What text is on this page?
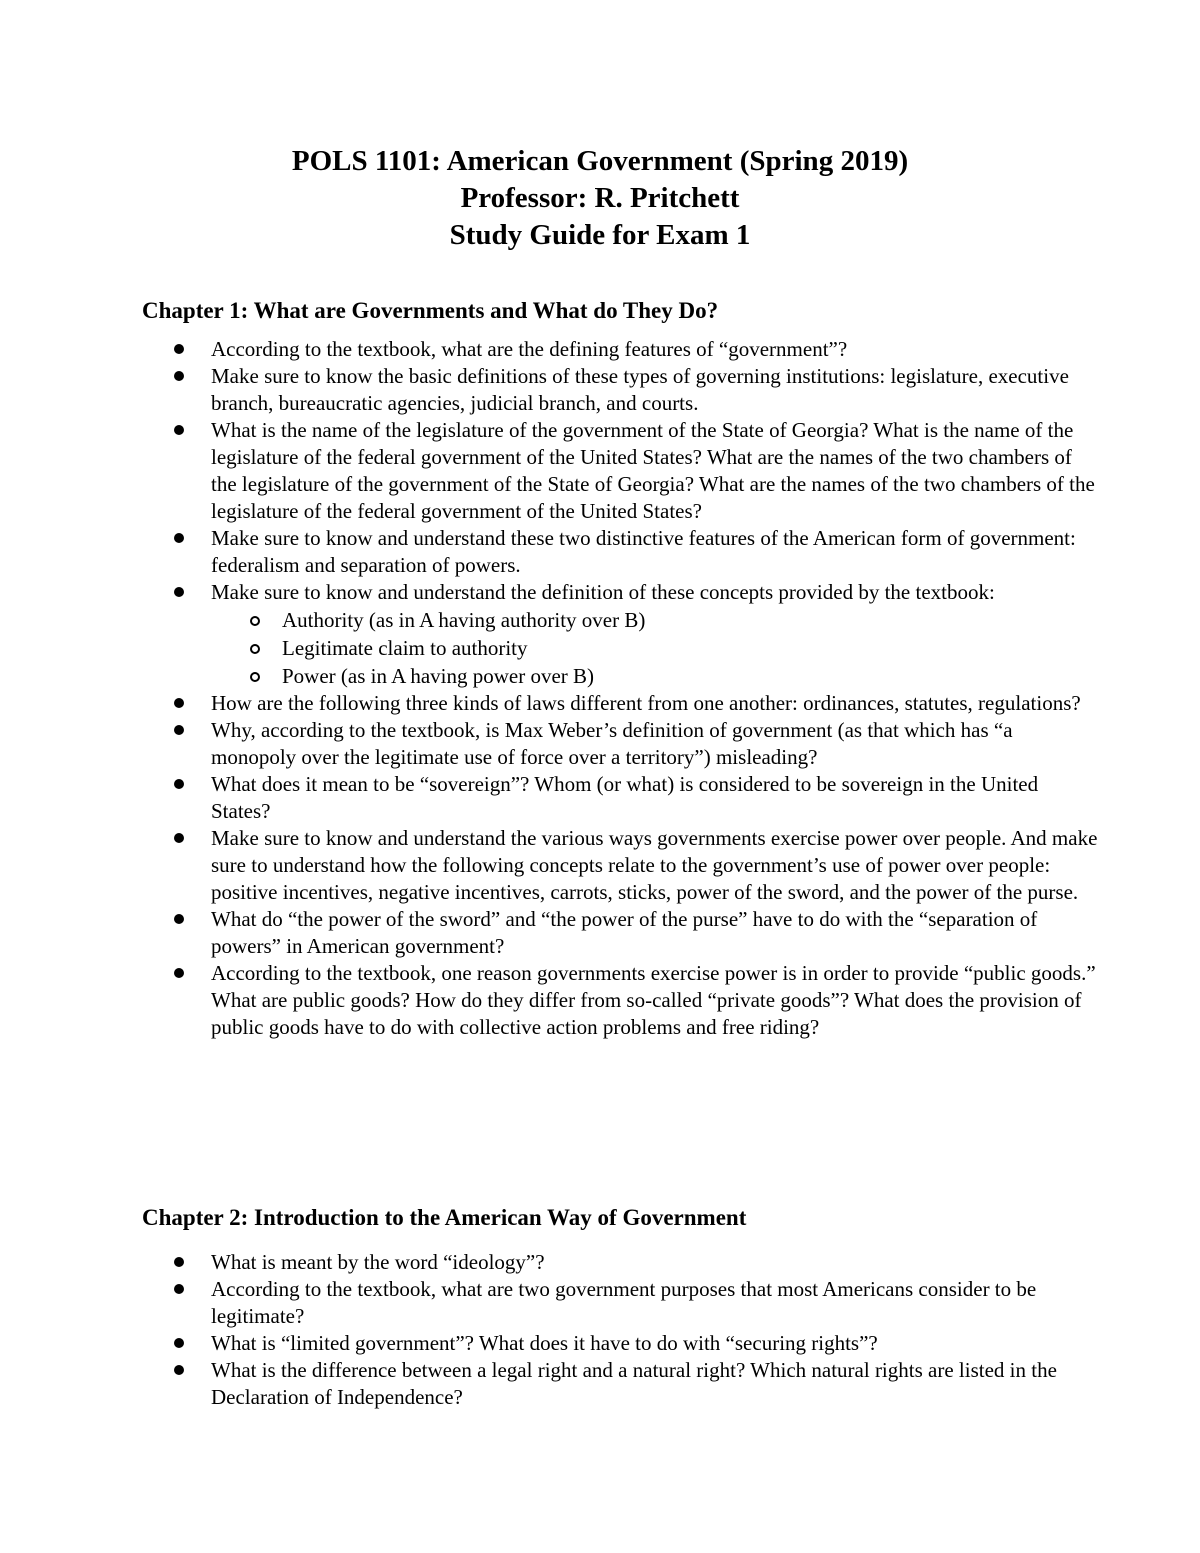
POLS 1101: American Government (Spring 2019)
Professor: R. Pritchett
Study Guide for Exam 1
Chapter 1: What are Governments and What do They Do?
According to the textbook, what are the defining features of “government”?
Make sure to know the basic definitions of these types of governing institutions: legislature, executive branch, bureaucratic agencies, judicial branch, and courts.
What is the name of the legislature of the government of the State of Georgia? What is the name of the legislature of the federal government of the United States? What are the names of the two chambers of the legislature of the government of the State of Georgia? What are the names of the two chambers of the legislature of the federal government of the United States?
Make sure to know and understand these two distinctive features of the American form of government: federalism and separation of powers.
Make sure to know and understand the definition of these concepts provided by the textbook:
Authority (as in A having authority over B)
Legitimate claim to authority
Power (as in A having power over B)
How are the following three kinds of laws different from one another: ordinances, statutes, regulations?
Why, according to the textbook, is Max Weber’s definition of government (as that which has “a monopoly over the legitimate use of force over a territory”) misleading?
What does it mean to be “sovereign”? Whom (or what) is considered to be sovereign in the United States?
Make sure to know and understand the various ways governments exercise power over people. And make sure to understand how the following concepts relate to the government’s use of power over people: positive incentives, negative incentives, carrots, sticks, power of the sword, and the power of the purse.
What do “the power of the sword” and “the power of the purse” have to do with the “separation of powers” in American government?
According to the textbook, one reason governments exercise power is in order to provide “public goods.” What are public goods? How do they differ from so-called “private goods”? What does the provision of public goods have to do with collective action problems and free riding?
Chapter 2: Introduction to the American Way of Government
What is meant by the word “ideology”?
According to the textbook, what are two government purposes that most Americans consider to be legitimate?
What is “limited government”? What does it have to do with “securing rights”?
What is the difference between a legal right and a natural right? Which natural rights are listed in the Declaration of Independence?
